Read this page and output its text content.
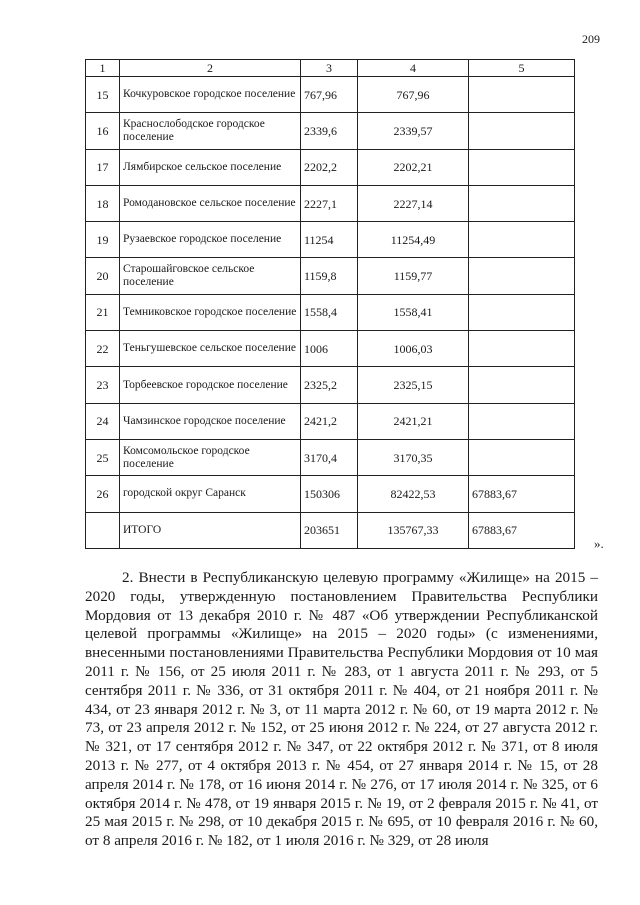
209
1	2	3	4	5
15	Кочкуровское городское поселение	767,96	767,96	
16	Краснослободское городское поселение	2339,6	2339,57	
17	Лямбирское сельское поселение	2202,2	2202,21	
18	Ромодановское сельское поселение	2227,1	2227,14	
19	Рузаевское городское поселение	11254	11254,49	
20	Старошайговское сельское поселение	1159,8	1159,77	
21	Темниковское городское поселение	1558,4	1558,41	
22	Теньгушевское сельское поселение	1006	1006,03	
23	Торбеевское городское поселение	2325,2	2325,15	
24	Чамзинское городское поселение	2421,2	2421,21	
25	Комсомольское городское поселение	3170,4	3170,35	
26	городской округ Саранск	150306	82422,53	67883,67
	ИТОГО	203651	135767,33	67883,67
».

2. Внести в Республиканскую целевую программу «Жилище» на 2015 – 2020 годы, утвержденную постановлением Правительства Республики Мордовия от 13 декабря 2010 г. № 487 «Об утверждении Республиканской целевой программы «Жилище» на 2015 – 2020 годы» (с изменениями, внесенными постановлениями Правительства Республики Мордовия от 10 мая 2011 г. № 156, от 25 июля 2011 г. № 283, от 1 августа 2011 г. № 293, от 5 сентября 2011 г. № 336, от 31 октября 2011 г. № 404, от 21 ноября 2011 г. № 434, от 23 января 2012 г. № 3, от 11 марта 2012 г. № 60, от 19 марта 2012 г. № 73, от 23 апреля 2012 г. № 152, от 25 июня 2012 г. № 224, от 27 августа 2012 г. № 321, от 17 сентября 2012 г. № 347, от 22 октября 2012 г. № 371, от 8 июля 2013 г. № 277, от 4 октября 2013 г. № 454, от 27 января 2014 г. № 15, от 28 апреля 2014 г. № 178, от 16 июня 2014 г. № 276, от 17 июля 2014 г. № 325, от 6 октября 2014 г. № 478, от 19 января 2015 г. № 19, от 2 февраля 2015 г. № 41, от 25 мая 2015 г. № 298, от 10 декабря 2015 г. № 695, от 10 февраля 2016 г. № 60, от 8 апреля 2016 г. № 182, от 1 июля 2016 г. № 329, от 28 июля
